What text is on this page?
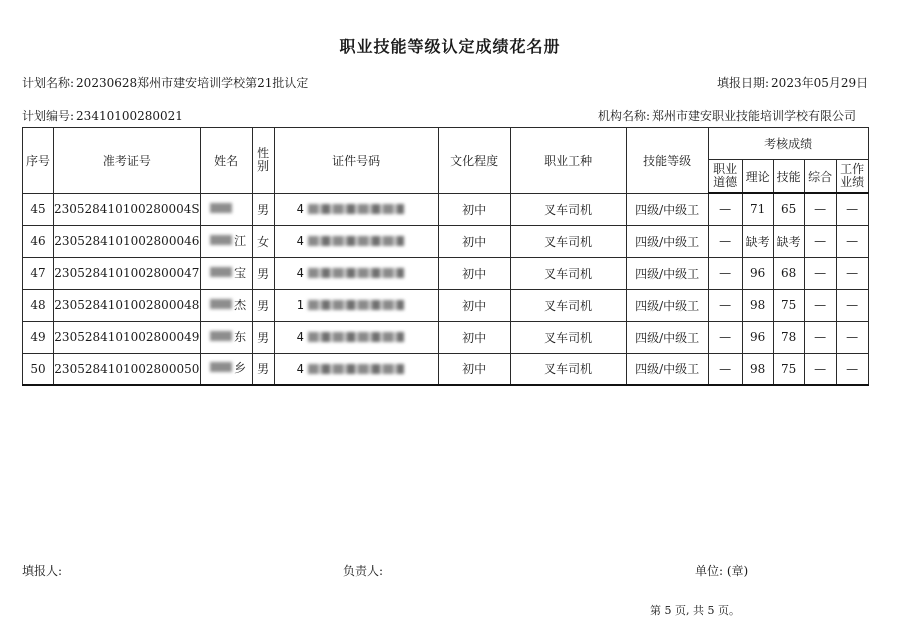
职业技能等级认定成绩花名册
计划名称: 20230628郑州市建安培训学校第21批认定	填报日期: 2023年05月29日
计划编号: 23410100280021	机构名称: 郑州市建安职业技能培训学校有限公司
序号	准考证号	姓名	性别	证件号码	文化程度	职业工种	技能等级	考核成绩				
								职业道德	理论	技能	综合	工作业绩
45	230528410100280004S		男	4	初中	叉车司机	四级/中级工	—	71	65	—	—
46	2305284101002800046	江	女	4	初中	叉车司机	四级/中级工	—	缺考	缺考	—	—
47	2305284101002800047	宝	男	4	初中	叉车司机	四级/中级工	—	96	68	—	—
48	2305284101002800048	杰	男	1	初中	叉车司机	四级/中级工	—	98	75	—	—
49	2305284101002800049	东	男	4	初中	叉车司机	四级/中级工	—	96	78	—	—
50	2305284101002800050	乡	男	4	初中	叉车司机	四级/中级工	—	98	75	—	—
填报人:	负责人:	单位: (章)
第 5 页, 共 5 页。
